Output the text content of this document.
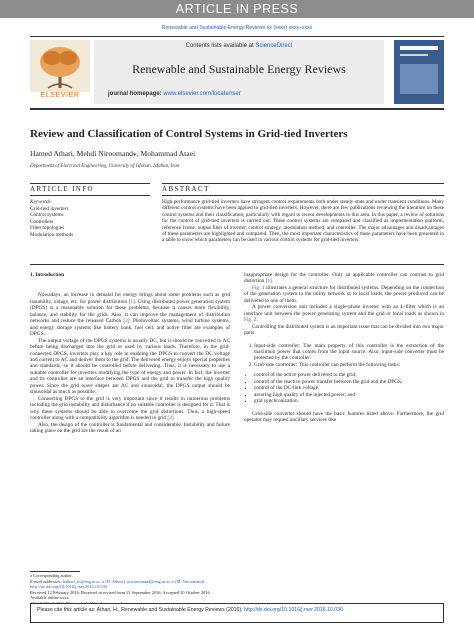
ARTICLE IN PRESS
Renewable and Sustainable Energy Reviews xx (xxxx) xxxx–xxxx
ELSEVIER
Contents lists available at ScienceDirect
Renewable and Sustainable Energy Reviews
journal homepage: www.elsevier.com/locate/rser
Review and Classification of Control Systems in Grid-tied Inverters
Hamed Athari, Mehdi Niroomand⁎, Mohammad Ataei
Department of Electrical Engineering, University of Isfahan, Isfahan, Iran
ARTICLE INFO	ABSTRACT
Keywords:
Grid-tied inverters
Control systems
Controllers
Filter topologies
Modulation methods
High performance grid-tied inverters have stringent control requirements both under steady-state and under transient conditions. Many different control systems have been applied to grid-tied inverters. However, there are few publications reviewing the literature on these control systems and their classification, particularly with regard to recent developments in this area. In this paper, a review of solutions for the control of grid-tied inverters is carried out. These control systems are compared and classified as implementation platform, reference frame, output filter of inverter, control strategy, modulation method, and controller. The major advantages and disadvantages of these parameters are highlighted and compared. Then, the most important characteristics of these parameters have been presented in a table to show which parameters can be used in various control systems for grid-tied inverters.

1. Introduction

Nowadays, an increase in demand for energy brings about some problems such as grid instability, outage, etc. for power distribution [1]. Using distributed power generation system (DPGS) is a reasonable solution for these problems, because it causes more flexibility, balance, and stability for the grids. Also, it can improve the management of distribution networks and reduce the released Carbon [2]. Photovoltaic systems, wind turbine systems, and energy storage systems like battery bank, fuel cell, and active filter are examples of DPGS.

The output voltage of the DPGS systems is usually DC, but it should be converted to AC before being discharged into the grid or used by various loads. Therefore, in the grid-connected DPGS, inverters play a key role in enabling the DPGS to convert the DC voltage and current to AC and deliver them to the grid. The delivered energy enjoys special properties and standards, so it should be controlled before delivering. Thus, it is necessary to use a suitable controller for inverters modifying the type of energy and power. In fact, the inverter and its controller are an interface between DPGS and the grid to transfer the high quality power. Since the grid wave shapes are AC and sinusoidal, the DPGS output should be sinusoidal as much as possible.

Connecting DPGS to the grid is very important since it results in numerous problems including the grid instability and disturbance if no suitable controller is designed for it. That is why these systems should be able to overcome the grid distortions. Thus, a high-speed controller along with a compatibility algorithm is needed in grid [3].

Also, the design of the controller is fundamental and considerable. Instability and failure taking place on the grid are the result of an

inappropriate design for the controller. Only an applicable controller can contrast to grid distortion [1].

Fig. 1 illustrates a general structure for distributed systems. Depending on the connection of the generation system to the utility network or to local loads, the power produced can be delivered to one of them.

A power conversion unit includes a single-phase inverter with an L-filter which is an interface unit between the power generating system and the grid or local loads as shown in Fig. 2.

Controlling the distributed system is an important issue that can be divided into two major parts.

1. Input-side controller: The main property of this controller is the extraction of the maximum power that comes from the input source. Also, input-side converter must be protected by the controller.
2. Grid-side controller: This controller can perform the following tasks:
• control of the active power delivered to the grid;
• control of the reactive power transfer between the grid and the DPGS;
• control of the DC-link voltage;
• assuring high quality of the injected power; and
• grid synchronization.

Grid-side converter should have the basic features listed above. Furthermore, the grid operator may request ancillary services like

⁎ Corresponding author.
E-mail addresses: hathari_m@eng.ui.ac.ir (H. Athari), m.niroomand@eng.ui.ac.ir (M. Niroomand).
http://dx.doi.org/10.1016/j.rser.2016.10.030
Received 12 February 2016; Received in revised form 21 September 2016; Accepted 20 October 2016
Available online xxxx
Please cite this article as: Athari, H., Renewable and Sustainable Energy Reviews (2016), http://dx.doi.org/10.1016/j.rser.2016.10.030
